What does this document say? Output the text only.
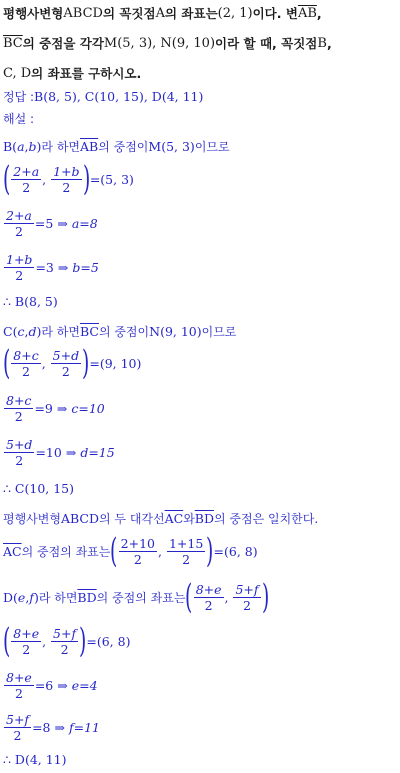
평행사변형 ABCD 의 꼭짓점 A 의 좌표는 (2, 1) 이다. 변 $\overline{AB}$ ,
$\overline{BC}$ 의 중점을 각각 M(5, 3), N(9, 10) 이라 할 때, 꼭짓점 B ,
C, D 의 좌표를 구하시오.
정답 : B(8, 5), C(10, 15), D(4, 11)
해설 :
B( a , b ) 라 하면 $\overline{AB}$ 의 중점이 M(5, 3) 이므로
( $\frac{2+a}{2}$ , $\frac{1+b}{2}$ ) =(5, 3)
$\frac{2+a}{2} =5$ ⇒ a=8
$\frac{1+b}{2} =3$ ⇒ b=5
∴ B(8, 5)
C( c , d ) 라 하면 $\overline{BC}$ 의 중점이 N(9, 10) 이므로
( $\frac{8+c}{2}$ , $\frac{5+d}{2}$ ) =(9, 10)
$\frac{8+c}{2} =9$ ⇒ c=10
$\frac{5+d}{2} =10$ ⇒ d=15
∴ C(10, 15)
평행사변형 ABCD 의 두 대각선 $\overline{AC}$ 와 $\overline{BD}$ 의 중점은 일치한다.
$\overline{AC}$ 의 중점의 좌표는 ( $\frac{2+10}{2}$ , $\frac{1+15}{2}$ ) =(6, 8)
D( e , f ) 라 하면 $\overline{BD}$ 의 중점의 좌표는 ( $\frac{8+e}{2}$ , $\frac{5+f}{2}$ )
( $\frac{8+e}{2}$ , $\frac{5+f}{2}$ ) =(6, 8)
$\frac{8+e}{2} =6$ ⇒ e=4
$\frac{5+f}{2} =8$ ⇒ f=11
∴ D(4, 11)
